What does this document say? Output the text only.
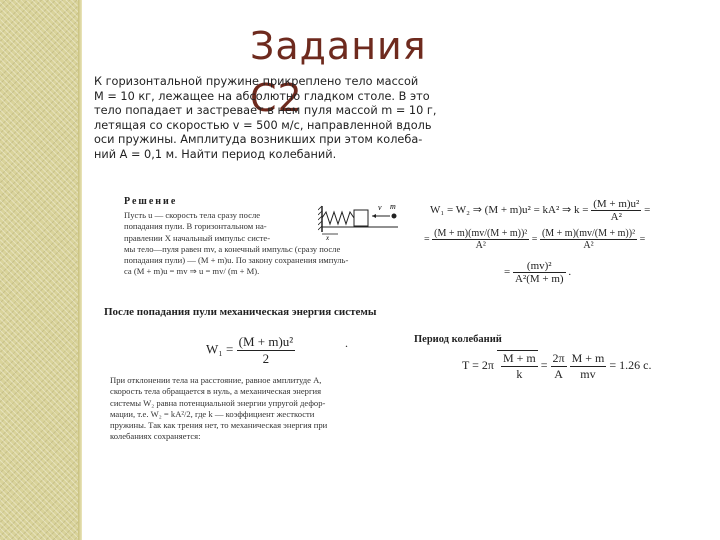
Задания С2
К горизонтальной пружине прикреплено тело массой
M = 10 кг, лежащее на абсолютно гладком столе. В это
тело попадает и застревает в нем пуля массой m = 10 г,
летящая со скоростью v = 500 м/с, направленной вдоль
оси пружины. Амплитуда возникших при этом колеба-
ний A = 0,1 м. Найти период колебаний.
Решение
Пусть u — скорость тела сразу после
попадания пули. В горизонтальном на-
правлении X начальный импульс систе-
мы тело—пуля равен mv, а конечный импульс (сразу после
попадания пули) — (M + m)u. По закону сохранения импуль-
са (M + m)u = mv ⇒ u = mv/ (m + M).
v m
x
После попадания пули механическая энергия системы
$W_1 = \frac{\text{(M + m)u²}}{2}$	.
При отклонении тела на расстояние, равное амплитуде A,
скорость тела обращается в нуль, а механическая энергия
системы W₂ равна потенциальной энергии упругой дефор-
мации, т.е. W₂ = kA²/2, где k — коэффициент жесткости
пружины. Так как трения нет, то механическая энергия при
колебаниях сохраняется:
W₁ = W₂ ⇒ (M + m)u² = kA² ⇒ $k = \frac{\text{(M + m)u²}}{\text{A²}}$ =
= $\frac{\text{(M + m)(mv/(M + m))²}}{\text{A²}} = \frac{\text{(M + m)(mv/(M + m))²}}{\text{A²}}$ =
= $\frac{\text{(mv)²}}{\text{A²(M + m)}}$ .
Период колебаний
$T = 2\pi \frac{M + m}{k} = \frac{2\pi}{A}$
$\frac{M + m}{mv} = 1.26$ с.
